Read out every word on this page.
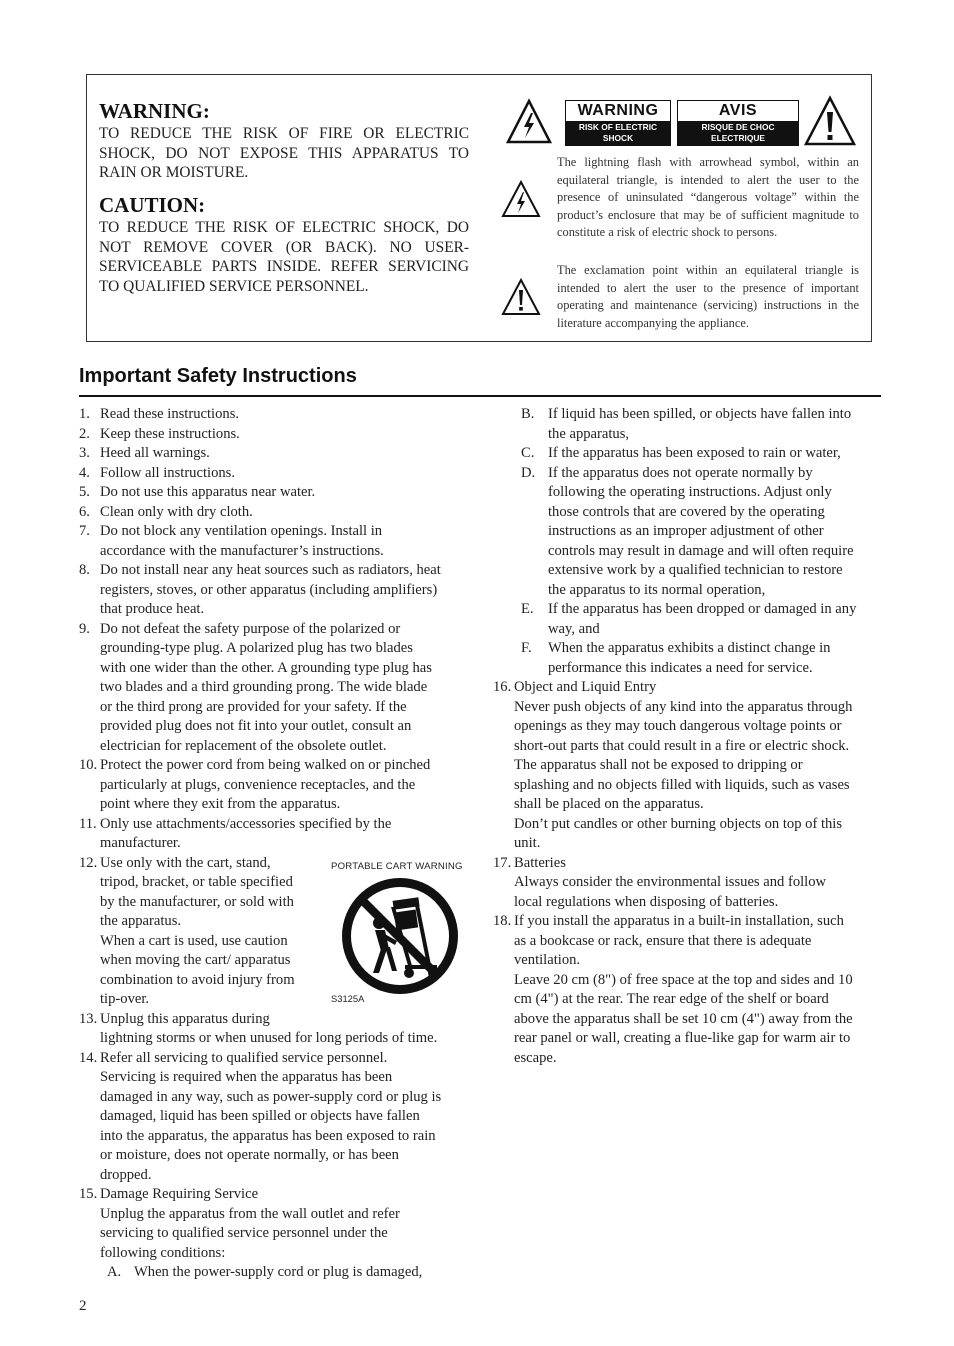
WARNING:
TO REDUCE THE RISK OF FIRE OR ELECTRIC SHOCK, DO NOT EXPOSE THIS APPARATUS TO RAIN OR MOISTURE.
CAUTION:
TO REDUCE THE RISK OF ELECTRIC SHOCK, DO NOT REMOVE COVER (OR BACK). NO USER-SERVICEABLE PARTS INSIDE. REFER SERVICING TO QUALIFIED SERVICE PERSONNEL.
WARNING
RISK OF ELECTRIC SHOCK
DO NOT OPEN
AVIS
RISQUE DE CHOC ELECTRIQUE
NE PAS OUVRIR
The lightning flash with arrowhead symbol, within an equilateral triangle, is intended to alert the user to the presence of uninsulated “dangerous voltage” within the product’s enclosure that may be of sufficient magnitude to constitute a risk of electric shock to persons.
The exclamation point within an equilateral triangle is intended to alert the user to the presence of important operating and maintenance (servicing) instructions in the literature accompanying the appliance.
Important Safety Instructions
1. Read these instructions.
2. Keep these instructions.
3. Heed all warnings.
4. Follow all instructions.
5. Do not use this apparatus near water.
6. Clean only with dry cloth.
7. Do not block any ventilation openings. Install in
accordance with the manufacturer’s instructions.
8. Do not install near any heat sources such as radiators, heat
registers, stoves, or other apparatus (including amplifiers)
that produce heat.
9. Do not defeat the safety purpose of the polarized or
grounding-type plug. A polarized plug has two blades
with one wider than the other. A grounding type plug has
two blades and a third grounding prong. The wide blade
or the third prong are provided for your safety. If the
provided plug does not fit into your outlet, consult an
electrician for replacement of the obsolete outlet.
10. Protect the power cord from being walked on or pinched
particularly at plugs, convenience receptacles, and the
point where they exit from the apparatus.
11. Only use attachments/accessories specified by the
manufacturer.
12. Use only with the cart, stand,
tripod, bracket, or table specified
by the manufacturer, or sold with
the apparatus.
When a cart is used, use caution
when moving the cart/ apparatus
combination to avoid injury from
tip-over.
13. Unplug this apparatus during
lightning storms or when unused for long periods of time.
14. Refer all servicing to qualified service personnel.
Servicing is required when the apparatus has been
damaged in any way, such as power-supply cord or plug is
damaged, liquid has been spilled or objects have fallen
into the apparatus, the apparatus has been exposed to rain
or moisture, does not operate normally, or has been
dropped.
15. Damage Requiring Service
Unplug the apparatus from the wall outlet and refer
servicing to qualified service personnel under the
following conditions:
A. When the power-supply cord or plug is damaged,
B. If liquid has been spilled, or objects have fallen into
the apparatus,
C. If the apparatus has been exposed to rain or water,
D. If the apparatus does not operate normally by
following the operating instructions. Adjust only
those controls that are covered by the operating
instructions as an improper adjustment of other
controls may result in damage and will often require
extensive work by a qualified technician to restore
the apparatus to its normal operation,
E. If the apparatus has been dropped or damaged in any
way, and
F. When the apparatus exhibits a distinct change in
performance this indicates a need for service.
16. Object and Liquid Entry
Never push objects of any kind into the apparatus through
openings as they may touch dangerous voltage points or
short-out parts that could result in a fire or electric shock.
The apparatus shall not be exposed to dripping or
splashing and no objects filled with liquids, such as vases
shall be placed on the apparatus.
Don’t put candles or other burning objects on top of this
unit.
17. Batteries
Always consider the environmental issues and follow
local regulations when disposing of batteries.
18. If you install the apparatus in a built-in installation, such
as a bookcase or rack, ensure that there is adequate
ventilation.
Leave 20 cm (8") of free space at the top and sides and 10
cm (4") at the rear. The rear edge of the shelf or board
above the apparatus shall be set 10 cm (4") away from the
rear panel or wall, creating a flue-like gap for warm air to
escape.
PORTABLE CART WARNING
S3125A
2
